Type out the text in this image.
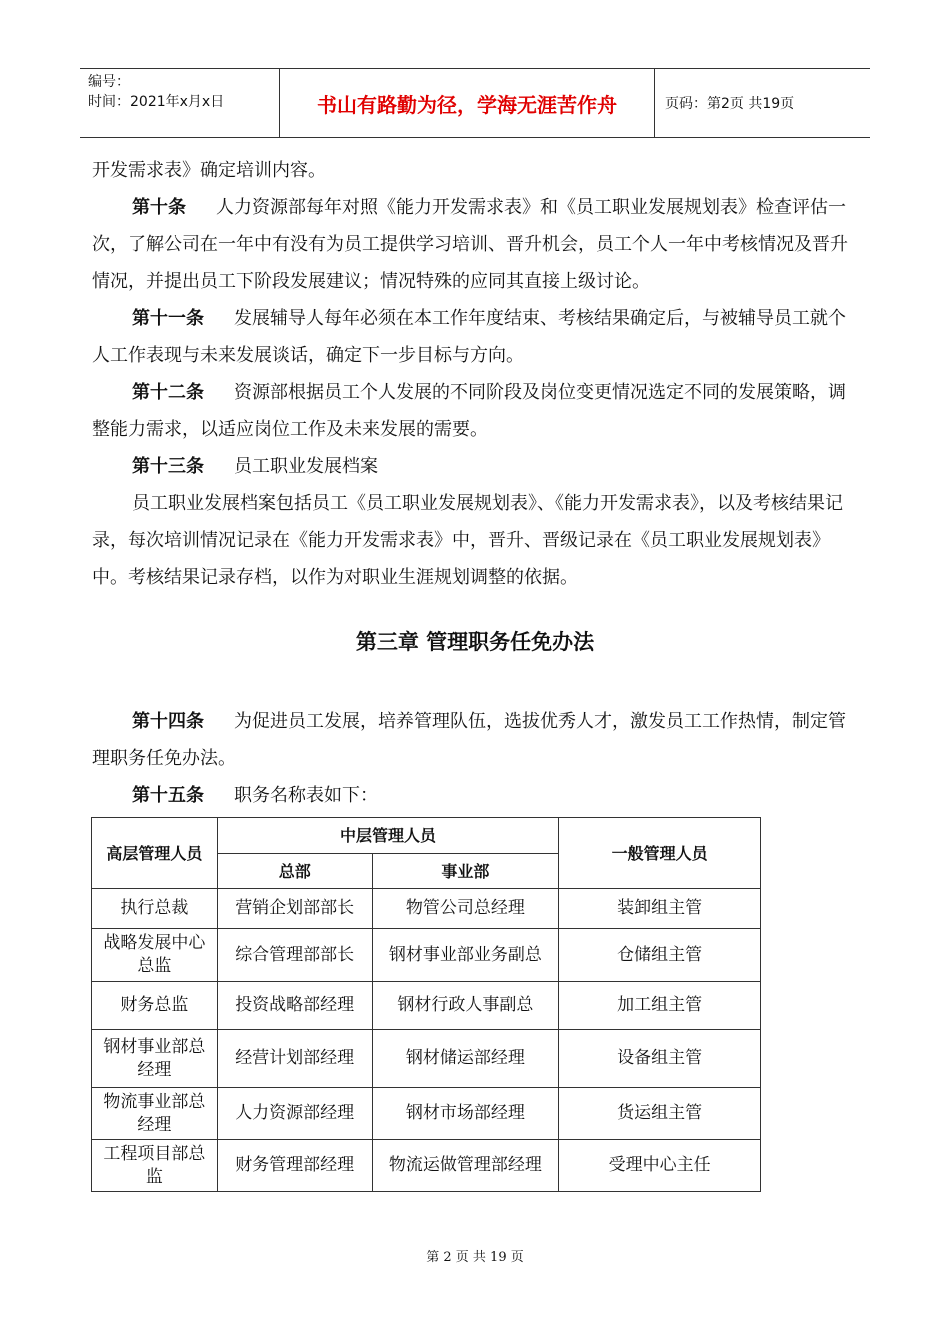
编号：
时间：2021年x月x日	书山有路勤为径，学海无涯苦作舟	页码：第2页 共19页

开发需求表》确定培训内容。

第十条 人力资源部每年对照《能力开发需求表》和《员工职业发展规划表》检查评估一次，了解公司在一年中有没有为员工提供学习培训、晋升机会，员工个人一年中考核情况及晋升情况，并提出员工下阶段发展建议；情况特殊的应同其直接上级讨论。

第十一条 发展辅导人每年必须在本工作年度结束、考核结果确定后，与被辅导员工就个人工作表现与未来发展谈话，确定下一步目标与方向。

第十二条 资源部根据员工个人发展的不同阶段及岗位变更情况选定不同的发展策略，调整能力需求，以适应岗位工作及未来发展的需要。

第十三条 员工职业发展档案

员工职业发展档案包括员工《员工职业发展规划表》、《能力开发需求表》，以及考核结果记录，每次培训情况记录在《能力开发需求表》中，晋升、晋级记录在《员工职业发展规划表》中。考核结果记录存档，以作为对职业生涯规划调整的依据。

第三章 管理职务任免办法

第十四条 为促进员工发展，培养管理队伍，选拔优秀人才，激发员工工作热情，制定管理职务任免办法。

第十五条 职务名称表如下：

高层管理人员	中层管理人员		一般管理人员
	总部	事业部	
执行总裁	营销企划部部长	物管公司总经理	装卸组主管
战略发展中心总监	综合管理部部长	钢材事业部业务副总	仓储组主管
财务总监	投资战略部经理	钢材行政人事副总	加工组主管
钢材事业部总经理	经营计划部经理	钢材储运部经理	设备组主管
物流事业部总经理	人力资源部经理	钢材市场部经理	货运组主管
工程项目部总监	财务管理部经理	物流运做管理部经理	受理中心主任
第 2 页 共 19 页
